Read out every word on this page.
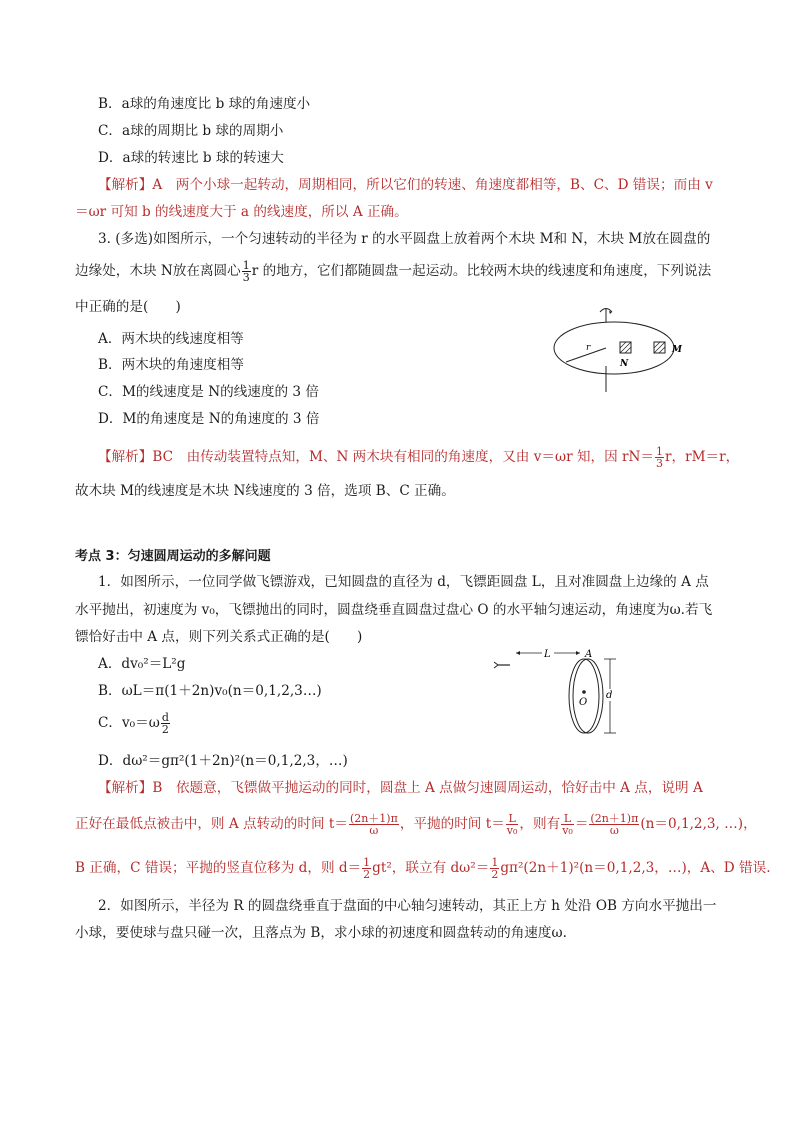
B．a球的角速度比 b 球的角速度小
C．a球的周期比 b 球的周期小
D．a球的转速比 b 球的转速大
【解析】A　两个小球一起转动，周期相同，所以它们的转速、角速度都相等，B、C、D 错误；而由 v
＝ωr 可知 b 的线速度大于 a 的线速度，所以 A 正确。
3. (多选)如图所示，一个匀速转动的半径为 r 的水平圆盘上放着两个木块 M和 N，木块 M放在圆盘的
边缘处，木块 N放在离圆心 $\frac{1}{3}$ r 的地方，它们都随圆盘一起运动。比较两木块的线速度和角速度，下列说法
中正确的是(　　)
A．两木块的线速度相等
B．两木块的角速度相等
C．M的线速度是 N的线速度的 3 倍
D．M的角速度是 N的角速度的 3 倍
r
N
M
【解析】BC　由传动装置特点知，M、N 两木块有相同的角速度，又由 v＝ωr 知，因 $rN= \frac{1}{3}$ r，rM＝r，
故木块 M的线速度是木块 N线速度的 3 倍，选项 B、C 正确。
考点 3：匀速圆周运动的多解问题
1．如图所示，一位同学做飞镖游戏，已知圆盘的直径为 d，飞镖距圆盘 L，且对准圆盘上边缘的 A 点
水平抛出，初速度为 v₀，飞镖抛出的同时，圆盘绕垂直圆盘过盘心 O 的水平轴匀速运动，角速度为ω.若飞
镖恰好击中 A 点，则下列关系式正确的是(　　)
A．dv₀²＝L²g
B．ωL＝π(1＋2n)v₀(n＝0,1,2,3…)
C．$v_0=\omega \frac{d}{2}$
D．dω²＝gπ²(1＋2n)²(n＝0,1,2,3，…)
L	A
O
d
【解析】B　依题意，飞镖做平抛运动的同时，圆盘上 A 点做匀速圆周运动，恰好击中 A 点，说明 A
正好在最低点被击中，则 A 点转动的时间 $t= \frac{(2n+1)\pi}{\omega}$ ，平抛的时间 $t= \frac{L}{\text{v₀}}$ ，则有 $\frac{L}{\text{v₀}} = \frac{(2n+1)\pi}{\omega} (n=0,1,2,3$, …)，
B 正确，C 错误；平抛的竖直位移为 d，则 $d= \frac{1}{2} gt^2$，联立有 $d\omega^2= \frac{1}{2} g\pi^2(2n+1)^2(n=0,1,2,3$，…)，A、D 错误.
2．如图所示，半径为 R 的圆盘绕垂直于盘面的中心轴匀速转动，其正上方 h 处沿 OB 方向水平抛出一
小球，要使球与盘只碰一次，且落点为 B，求小球的初速度和圆盘转动的角速度ω.
